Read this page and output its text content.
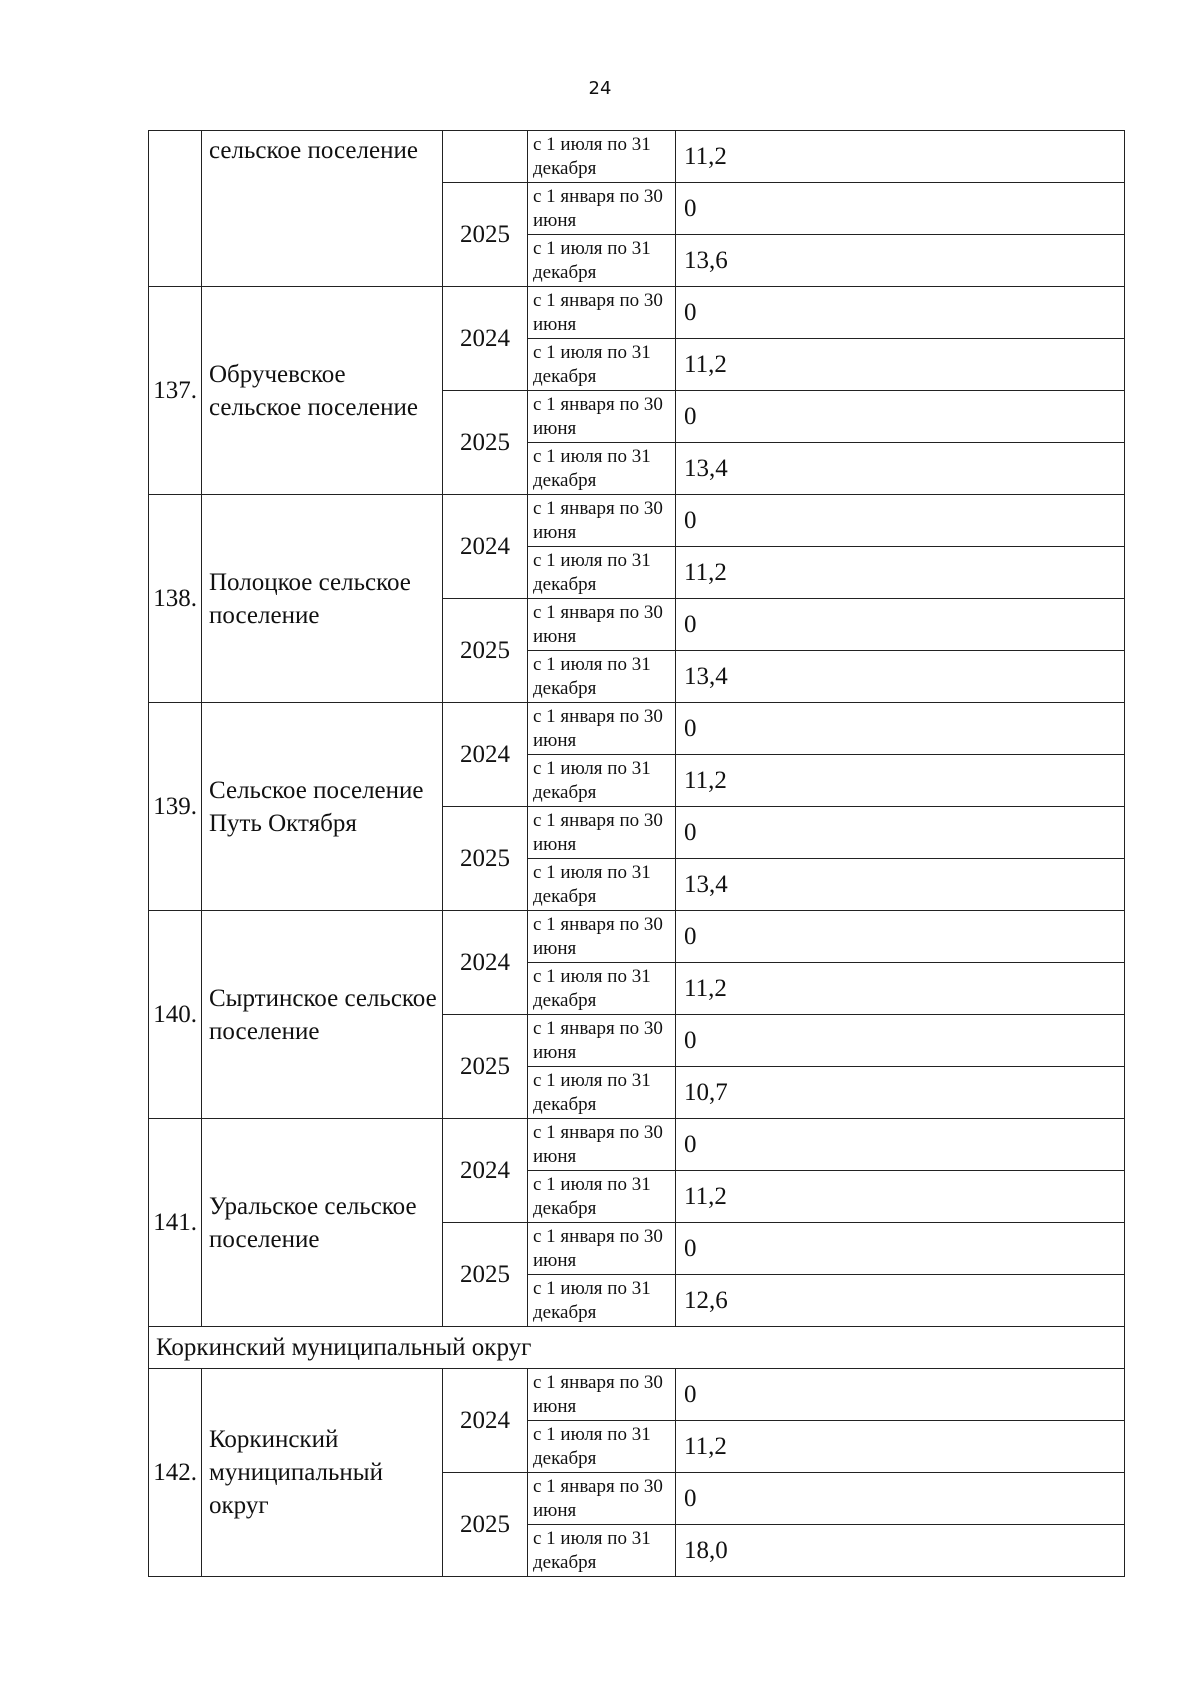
24
	сельское поселение		с 1 июля по 31 декабря	11,2
		2025	с 1 января по 30 июня	0
			с 1 июля по 31 декабря	13,6
137.	Обручевское сельское поселение	2024	с 1 января по 30 июня	0
			с 1 июля по 31 декабря	11,2
		2025	с 1 января по 30 июня	0
			с 1 июля по 31 декабря	13,4
138.	Полоцкое сельское поселение	2024	с 1 января по 30 июня	0
			с 1 июля по 31 декабря	11,2
		2025	с 1 января по 30 июня	0
			с 1 июля по 31 декабря	13,4
139.	Сельское поселение Путь Октября	2024	с 1 января по 30 июня	0
			с 1 июля по 31 декабря	11,2
		2025	с 1 января по 30 июня	0
			с 1 июля по 31 декабря	13,4
140.	Сыртинское сельское поселение	2024	с 1 января по 30 июня	0
			с 1 июля по 31 декабря	11,2
		2025	с 1 января по 30 июня	0
			с 1 июля по 31 декабря	10,7
141.	Уральское сельское поселение	2024	с 1 января по 30 июня	0
			с 1 июля по 31 декабря	11,2
		2025	с 1 января по 30 июня	0
			с 1 июля по 31 декабря	12,6
Коркинский муниципальный округ				
142.	Коркинский муниципальный округ	2024	с 1 января по 30 июня	0
			с 1 июля по 31 декабря	11,2
		2025	с 1 января по 30 июня	0
			с 1 июля по 31 декабря	18,0
